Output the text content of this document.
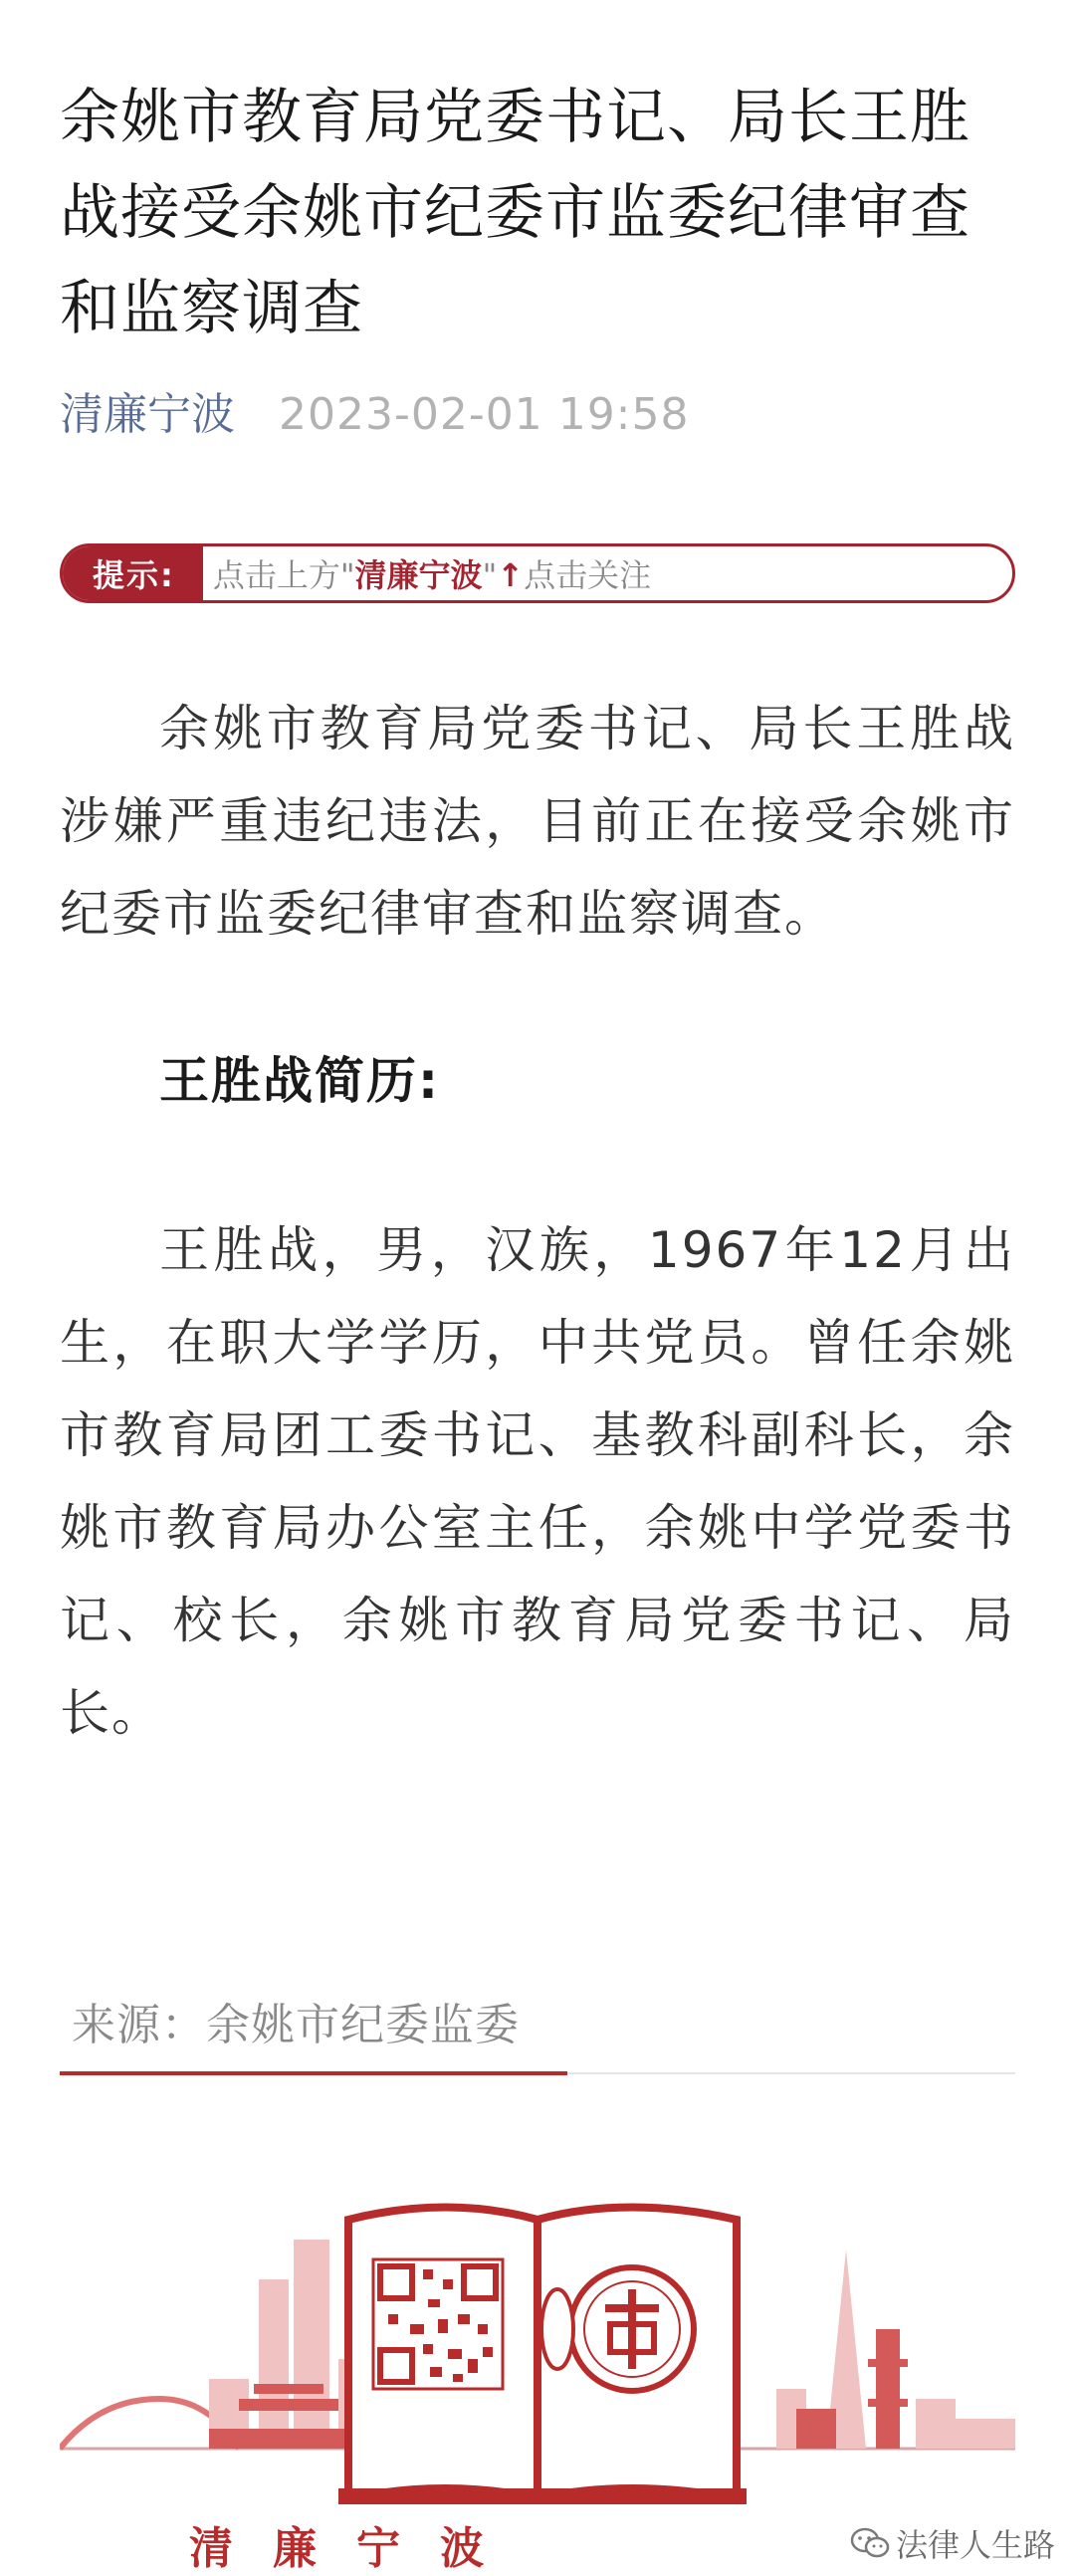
余姚市教育局党委书记、局长王胜战接受余姚市纪委市监委纪律审查和监察调查
清廉宁波 2023-02-01 19:58
提示:	点击上方"清廉宁波"↑点击关注

余姚市教育局党委书记、局长王胜战涉嫌严重违纪违法，目前正在接受余姚市纪委市监委纪律审查和监察调查。

王胜战简历:

王胜战，男，汉族，1967年12月出生，在职大学学历，中共党员。曾任余姚市教育局团工委书记、基教科副科长，余姚市教育局办公室主任，余姚中学党委书记、校长，余姚市教育局党委书记、局长。

来源：余姚市纪委监委
清廉宁波	法律人生路
